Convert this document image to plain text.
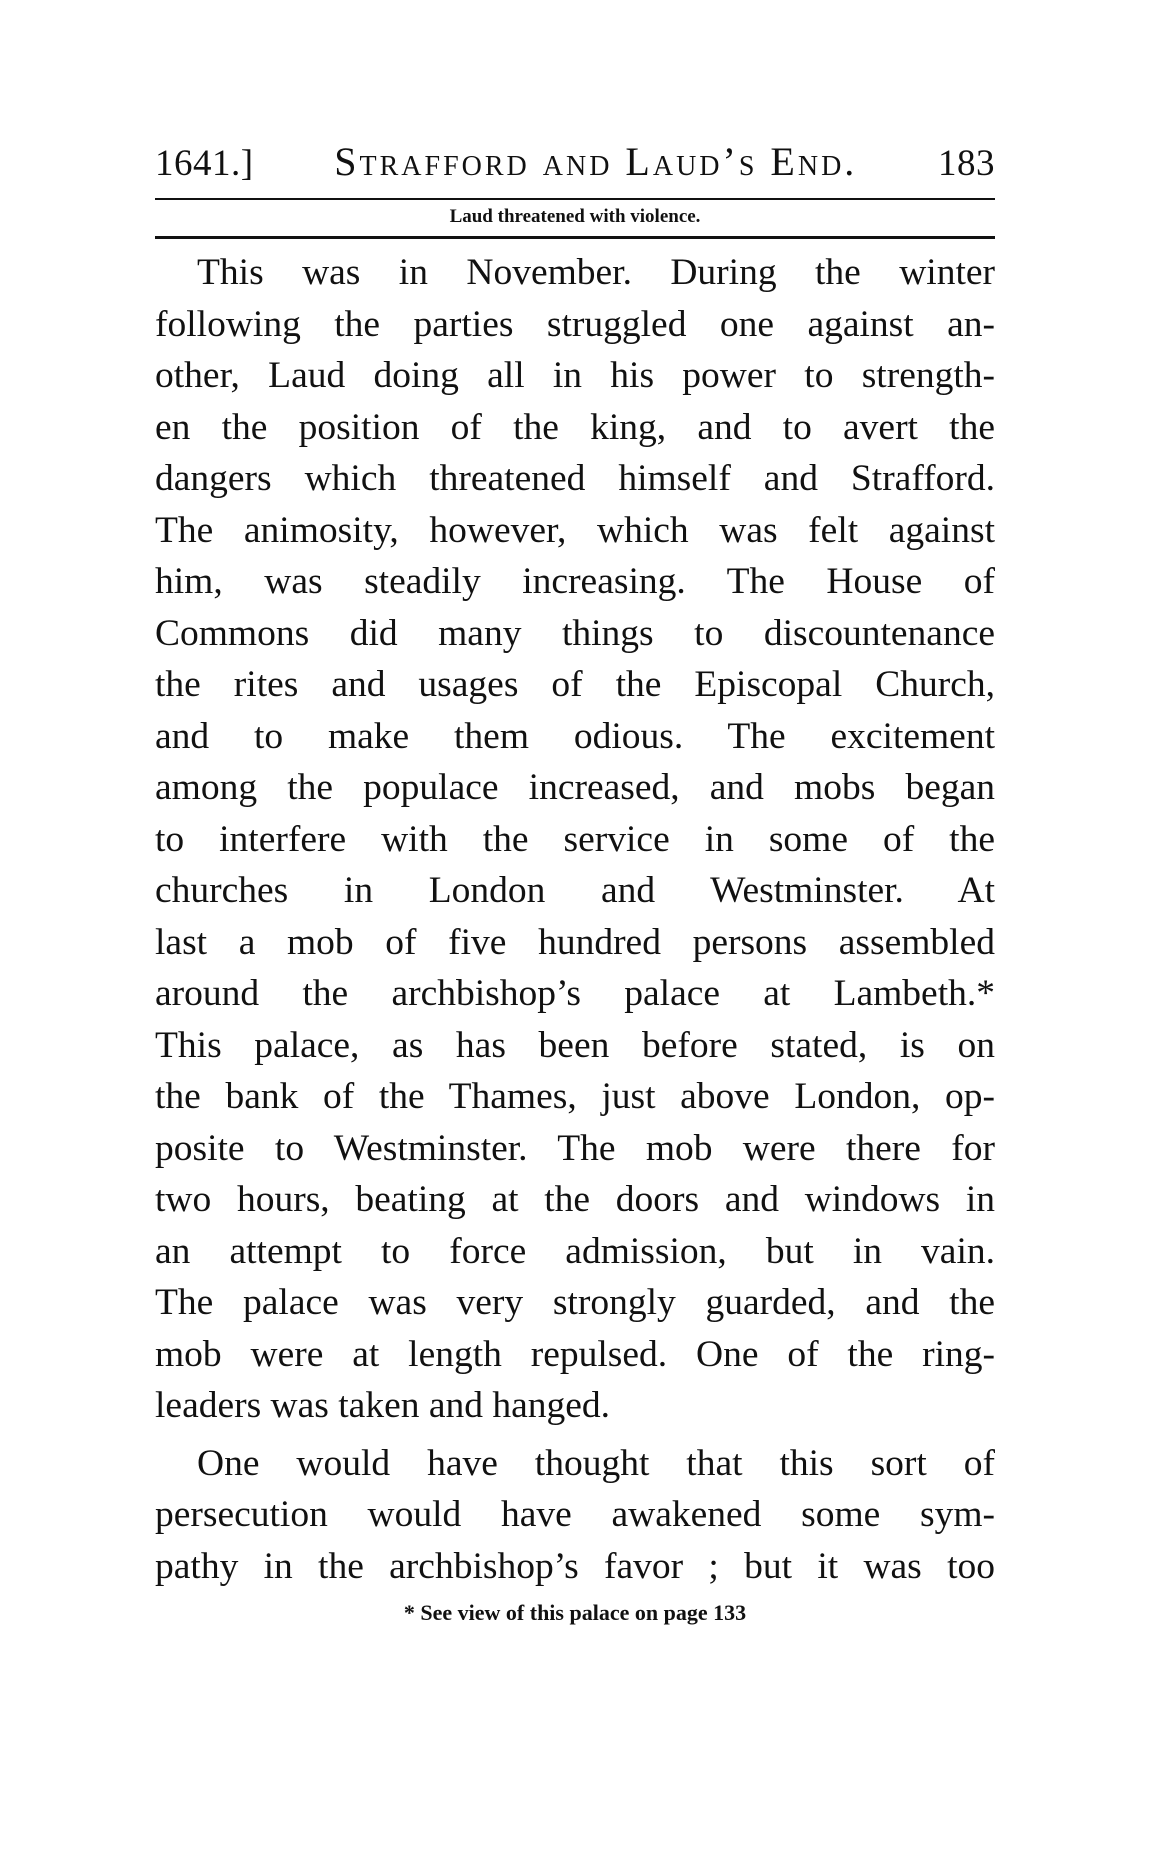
1641.] Strafford and Laud’s End. 183
Laud threatened with violence.
This was in November. During the winter
following the parties struggled one against an-
other, Laud doing all in his power to strength-
en the position of the king, and to avert the
dangers which threatened himself and Strafford.
The animosity, however, which was felt against
him, was steadily increasing. The House of
Commons did many things to discountenance
the rites and usages of the Episcopal Church,
and to make them odious. The excitement
among the populace increased, and mobs began
to interfere with the service in some of the
churches in London and Westminster. At
last a mob of five hundred persons assembled
around the archbishop’s palace at Lambeth.*
This palace, as has been before stated, is on
the bank of the Thames, just above London, op-
posite to Westminster. The mob were there for
two hours, beating at the doors and windows in
an attempt to force admission, but in vain.
The palace was very strongly guarded, and the
mob were at length repulsed. One of the ring-
leaders was taken and hanged.
One would have thought that this sort of
persecution would have awakened some sym-
pathy in the archbishop’s favor ; but it was too
* See view of this palace on page 133
